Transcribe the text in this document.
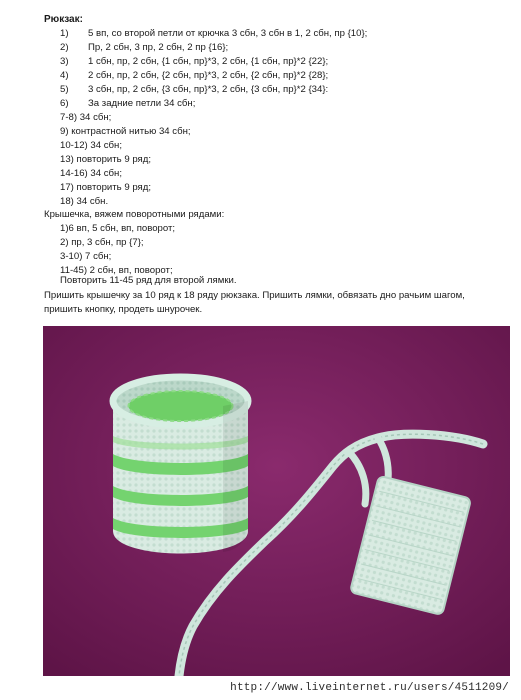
Рюкзак:
1) 5 вп, со второй петли от крючка 3 сбн, 3 сбн в 1, 2 сбн, пр {10};
2) Пр, 2 сбн, 3 пр, 2 сбн, 2 пр {16};
3) 1 сбн, пр, 2 сбн, {1 сбн, пр}*3, 2 сбн, {1 сбн, пр}*2 {22};
4) 2 сбн, пр, 2 сбн, {2 сбн, пр}*3, 2 сбн, {2 сбн, пр}*2 {28};
5) 3 сбн, пр, 2 сбн, {3 сбн, пр}*3, 2 сбн, {3 сбн, пр}*2 {34}:
6) За задние петли 34 сбн;
7-8) 34 сбн;
9) контрастной нитью 34 сбн;
10-12) 34 сбн;
13) повторить 9 ряд;
14-16) 34 сбн;
17) повторить 9 ряд;
18) 34 сбн.
Крышечка, вяжем поворотными рядами:
1)6 вп, 5 сбн, вп, поворот;
2) пр, 3 сбн, пр {7};
3-10) 7 сбн;
11-45) 2 сбн, вп, поворот;
Повторить 11-45 ряд для второй лямки.
Пришить крышечку за 10 ряд к 18 ряду рюкзака. Пришить лямки, обвязать дно рачьим шагом,
пришить кнопку, продеть шнурочек.
http://www.liveinternet.ru/users/4511209/
